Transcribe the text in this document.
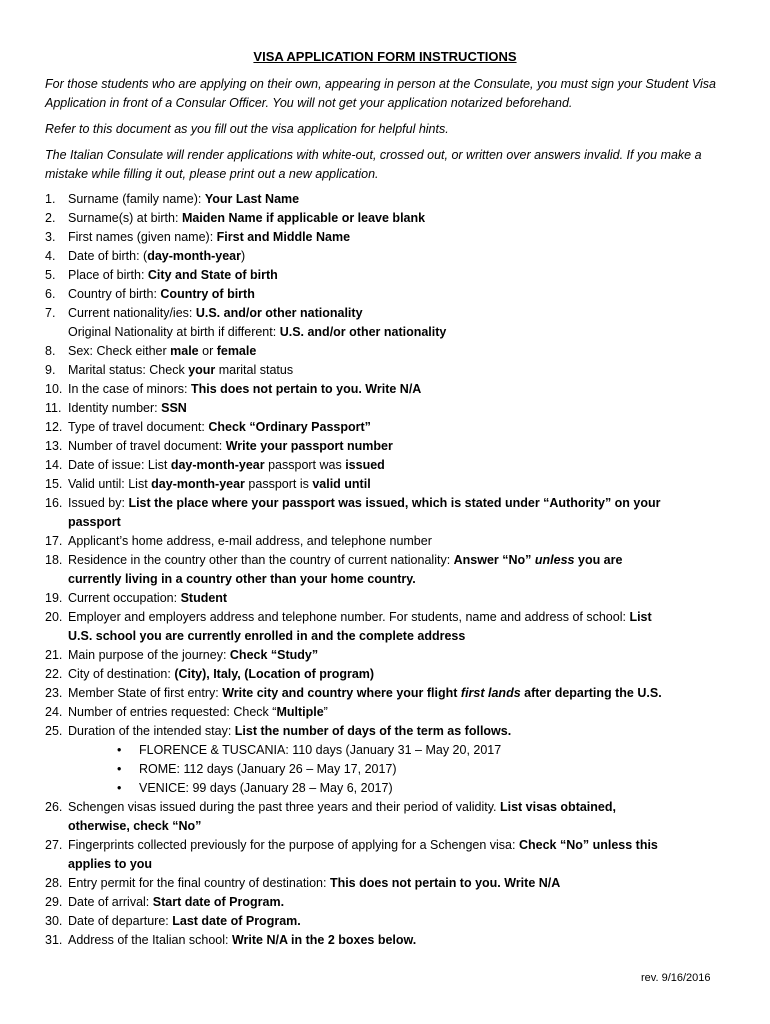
VISA APPLICATION FORM INSTRUCTIONS
For those students who are applying on their own, appearing in person at the Consulate, you must sign your Student Visa Application in front of a Consular Officer. You will not get your application notarized beforehand.
Refer to this document as you fill out the visa application for helpful hints.
The Italian Consulate will render applications with white-out, crossed out, or written over answers invalid. If you make a mistake while filling it out, please print out a new application.
1.	Surname (family name): Your Last Name
2.	Surname(s) at birth: Maiden Name if applicable or leave blank
3.	First names (given name): First and Middle Name
4.	Date of birth: (day-month-year)
5.	Place of birth: City and State of birth
6.	Country of birth: Country of birth
7.	Current nationality/ies: U.S. and/or other nationality
Original Nationality at birth if different: U.S. and/or other nationality
8.	Sex: Check either male or female
9.	Marital status: Check your marital status
10. In the case of minors: This does not pertain to you. Write N/A
11. Identity number: SSN
12. Type of travel document: Check “Ordinary Passport”
13. Number of travel document: Write your passport number
14. Date of issue: List day-month-year passport was issued
15. Valid until: List day-month-year passport is valid until
16. Issued by: List the place where your passport was issued, which is stated under “Authority” on your
passport
17. Applicant’s home address, e-mail address, and telephone number
18. Residence in the country other than the country of current nationality: Answer “No” unless you are
currently living in a country other than your home country.
19. Current occupation: Student
20. Employer and employers address and telephone number. For students, name and address of school: List
U.S. school you are currently enrolled in and the complete address
21. Main purpose of the journey: Check “Study”
22. City of destination: (City), Italy, (Location of program)
23. Member State of first entry: Write city and country where your flight first lands after departing the U.S.
24. Number of entries requested: Check “Multiple”
25. Duration of the intended stay: List the number of days of the term as follows.
•	FLORENCE & TUSCANIA: 110 days (January 31 – May 20, 2017
•	ROME: 112 days (January 26 – May 17, 2017)
•	VENICE: 99 days (January 28 – May 6, 2017)
26. Schengen visas issued during the past three years and their period of validity. List visas obtained,
otherwise, check “No”
27. Fingerprints collected previously for the purpose of applying for a Schengen visa: Check “No” unless this
applies to you
28. Entry permit for the final country of destination: This does not pertain to you. Write N/A
29. Date of arrival: Start date of Program.
30. Date of departure: Last date of Program.
31. Address of the Italian school: Write N/A in the 2 boxes below.
rev. 9/16/2016
